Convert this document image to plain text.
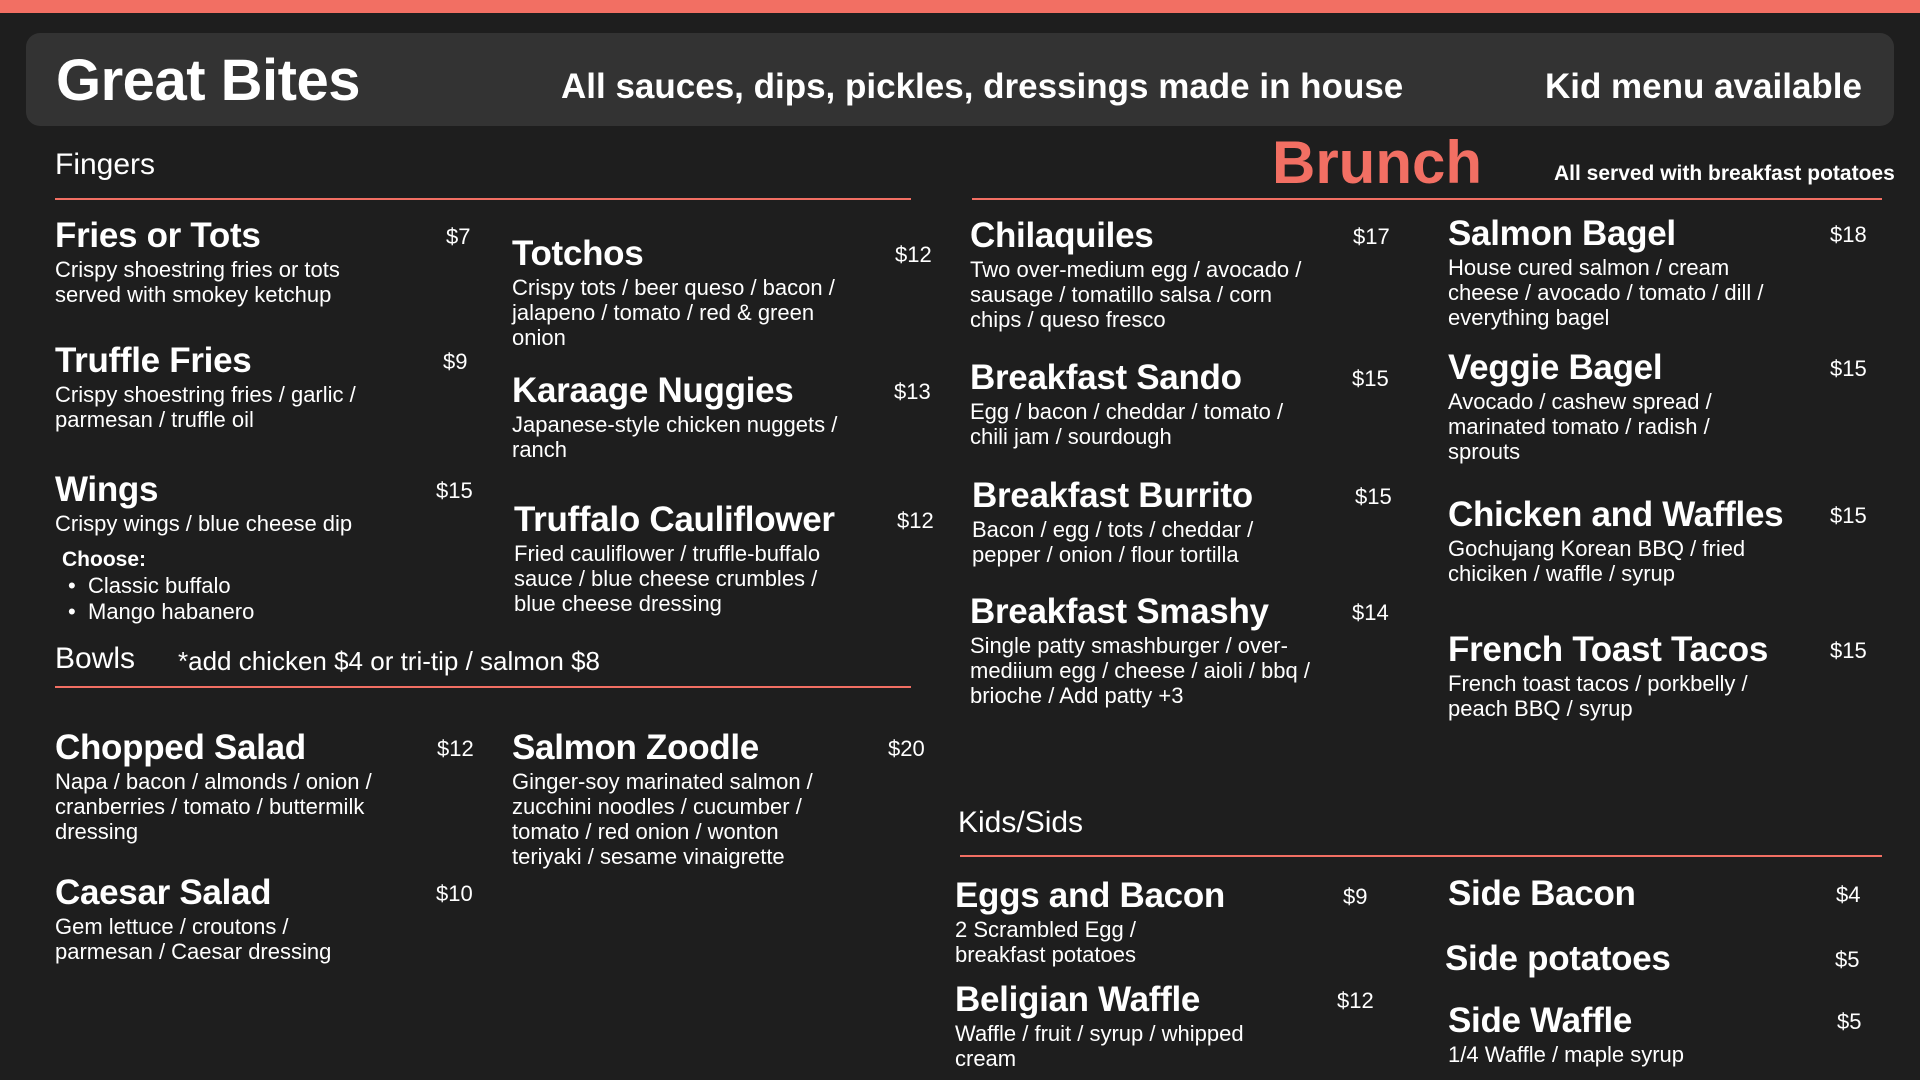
Great Bites	All sauces, dips, pickles, dressings made in house	Kid menu available
Fingers
Fries or Tots
Crispy shoestring fries or tots served with smokey ketchup
$7
Truffle Fries
Crispy shoestring fries / garlic / parmesan / truffle oil
$9
Wings
Crispy wings / blue cheese dip
$15
Choose:
• Classic buffalo
• Mango habanero
Totchos
Crispy tots / beer queso / bacon / jalapeno / tomato / red & green onion
$12
Karaage Nuggies
Japanese-style chicken nuggets / ranch
$13
Truffalo Cauliflower
Fried cauliflower / truffle-buffalo sauce / blue cheese crumbles / blue cheese dressing
$12
Bowls *add chicken $4 or tri-tip / salmon $8
Chopped Salad
Napa / bacon / almonds / onion / cranberries / tomato / buttermilk dressing
$12
Caesar Salad
Gem lettuce / croutons / parmesan / Caesar dressing
$10
Salmon Zoodle
Ginger-soy marinated salmon / zucchini noodles / cucumber / tomato / red onion / wonton teriyaki / sesame vinaigrette
$20
Brunch	All served with breakfast potatoes
Chilaquiles
Two over-medium egg / avocado / sausage / tomatillo salsa / corn chips / queso fresco
$17
Breakfast Sando
Egg / bacon / cheddar / tomato / chili jam / sourdough
$15
Breakfast Burrito
Bacon / egg / tots / cheddar / pepper / onion / flour tortilla
$15
Breakfast Smashy
Single patty smashburger / over-mediium egg / cheese / aioli / bbq / brioche / Add patty +3
$14
Salmon Bagel
House cured salmon / cream cheese / avocado / tomato / dill / everything bagel
$18
Veggie Bagel
Avocado / cashew spread / marinated tomato / radish / sprouts
$15
Chicken and Waffles
Gochujang Korean BBQ / fried chiciken / waffle / syrup
$15
French Toast Tacos
French toast tacos / porkbelly / peach BBQ / syrup
$15
Kids/Sids
Eggs and Bacon
2 Scrambled Egg / breakfast potatoes
$9
Beligian Waffle
Waffle / fruit / syrup / whipped cream
$12
Side Bacon	$4
Side potatoes	$5
Side Waffle
1/4 Waffle / maple syrup
$5
